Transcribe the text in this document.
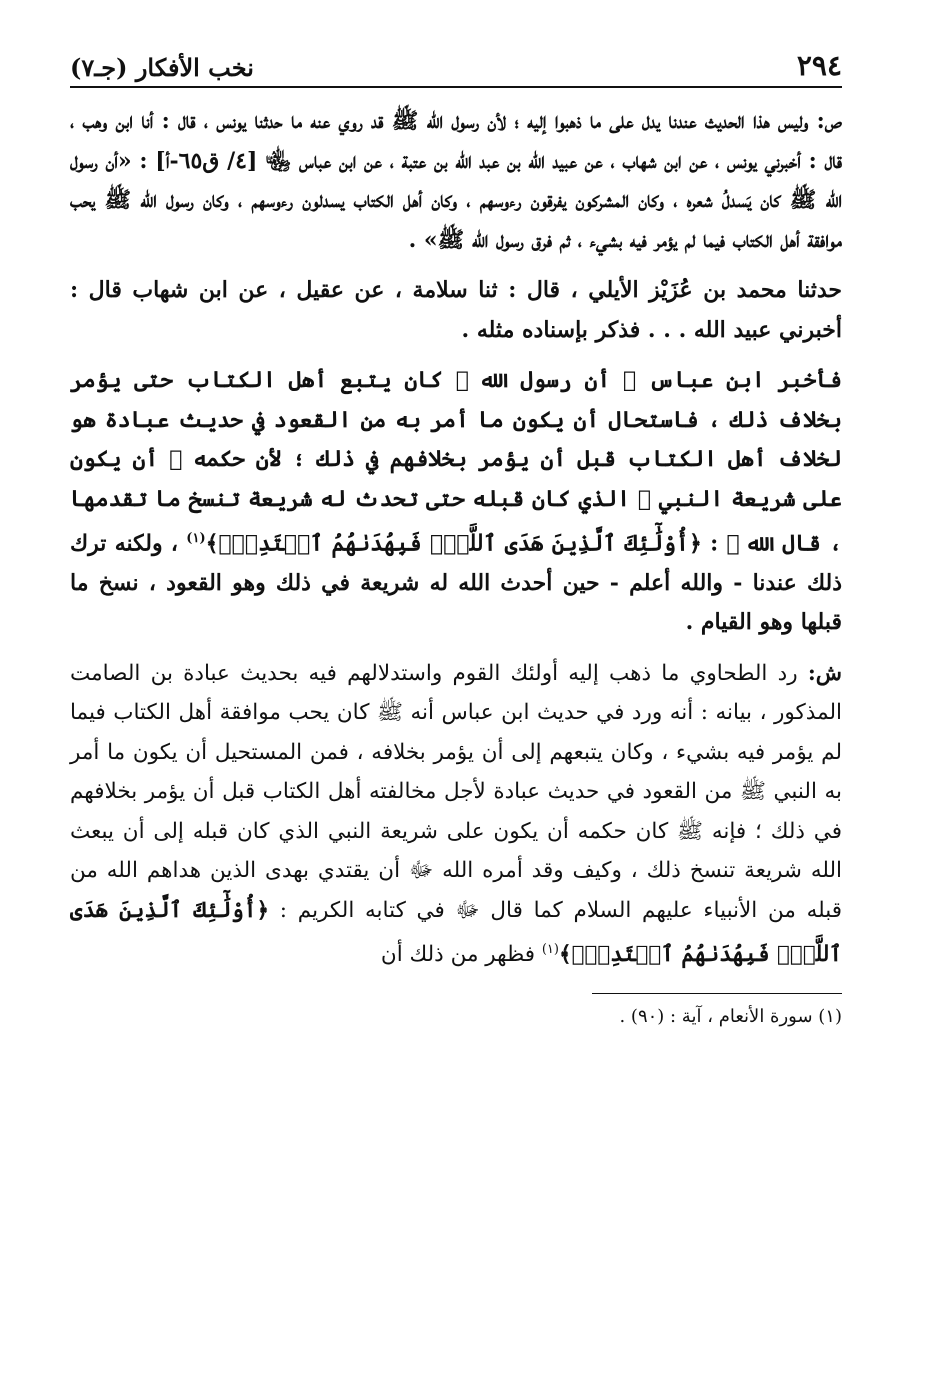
٢٩٤
نخب الأفكار (جـ٧)

ص: وليس هذا الحديث عندنا يدل على ما ذهبوا إليه ؛ لأن رسول الله ﷺ قد روي عنه ما حدثنا يونس ، قال : أنا ابن وهب ، قال : أخبرني يونس ، عن ابن شهاب ، عن عبيد الله بن عبد الله بن عتبة ، عن ابن عباس ﵄ [٤/ ق٦٥-أ] : «أن رسول الله ﷺ كان يَسدلُ شعره ، وكان المشركون يفرقون رءوسهم ، وكان أهل الكتاب يسدلون رءوسهم ، وكان رسول الله ﷺ يحب موافقة أهل الكتاب فيما لم يؤمر فيه بشيء ، ثم فرق رسول الله ﷺ» .

حدثنا محمد بن عُزَيْز الأيلي ، قال : ثنا سلامة ، عن عقيل ، عن ابن شهاب قال : أخبرني عبيد الله . . . فذكر بإسناده مثله .

فأخبر ابن عباس ﵄ أن رسول الله ﷺ كان يتبع أهل الكتاب حتى يؤمر بخلاف ذلك ، فاستحال أن يكون ما أمر به من القعود في حديث عبادة هو لخلاف أهل الكتاب قبل أن يؤمر بخلافهم في ذلك ؛ لأن حكمه ﷺ أن يكون على شريعة النبي ﷺ الذي كان قبله حتى تحدث له شريعة تنسخ ما تقدمها ، قال الله ﷻ : ﴿أُوْلَٰٓئِكَ ٱلَّذِينَ هَدَى ٱللَّهُۖ فَبِهُدَىٰهُمُ ٱقۡتَدِهۡۗ﴾$^{(١)}$ ، ولكنه ترك ذلك عندنا - والله أعلم - حين أحدث الله له شريعة في ذلك وهو القعود ، نسخ ما قبلها وهو القيام .

ش: رد الطحاوي ما ذهب إليه أولئك القوم واستدلالهم فيه بحديث عبادة بن الصامت المذكور ، بيانه : أنه ورد في حديث ابن عباس أنه ﷺ كان يحب موافقة أهل الكتاب فيما لم يؤمر فيه بشيء ، وكان يتبعهم إلى أن يؤمر بخلافه ، فمن المستحيل أن يكون ما أمر به النبي ﷺ من القعود في حديث عبادة لأجل مخالفته أهل الكتاب قبل أن يؤمر بخلافهم في ذلك ؛ فإنه ﷺ كان حكمه أن يكون على شريعة النبي الذي كان قبله إلى أن يبعث الله شريعة تنسخ ذلك ، وكيف وقد أمره الله ﷻ أن يقتدي بهدى الذين هداهم الله من قبله من الأنبياء عليهم السلام كما قال ﷻ في كتابه الكريم : ﴿أُوْلَٰٓئِكَ ٱلَّذِينَ هَدَى ٱللَّهُۖ فَبِهُدَىٰهُمُ ٱقۡتَدِهۡۗ﴾$^{(١)}$ فظهر من ذلك أن

(١) سورة الأنعام ، آية : (٩٠) .
